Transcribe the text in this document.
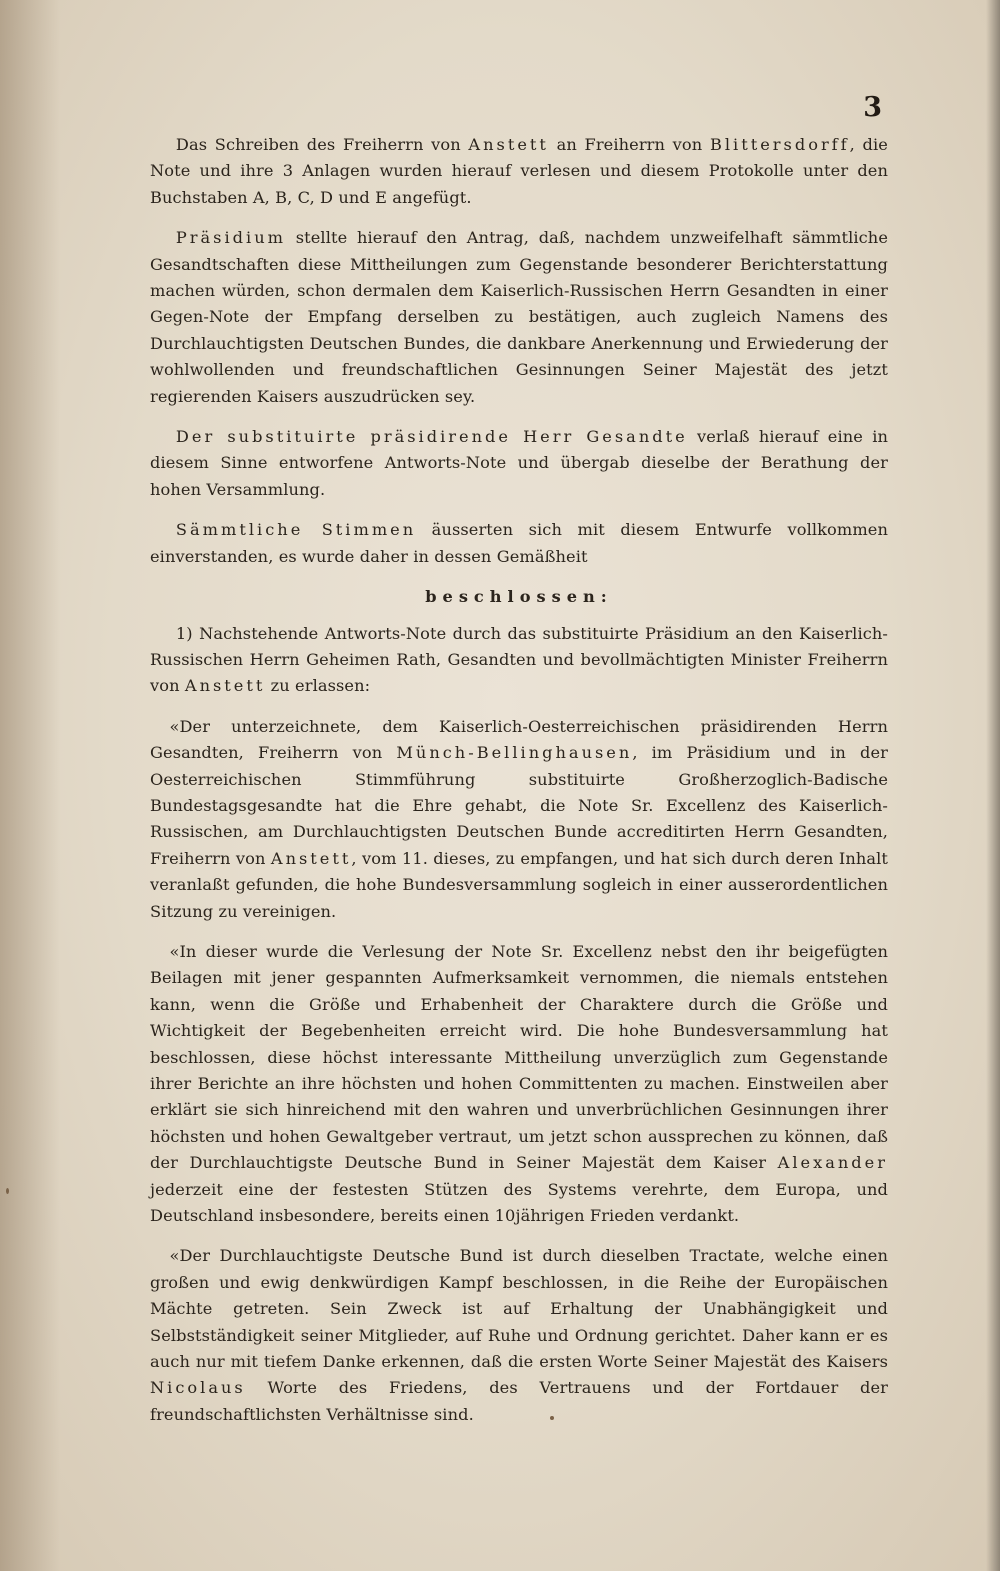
3

Das Schreiben des Freiherrn von Anstett an Freiherrn von Blittersdorff, die Note und ihre 3 Anlagen wurden hierauf verlesen und diesem Protokolle unter den Buchstaben A, B, C, D und E angefügt.

Präsidium stellte hierauf den Antrag, daß, nachdem unzweifelhaft sämmtliche Gesandtschaften diese Mittheilungen zum Gegenstande besonderer Berichterstattung machen würden, schon dermalen dem Kaiserlich-Russischen Herrn Gesandten in einer Gegen-Note der Empfang derselben zu bestätigen, auch zugleich Namens des Durchlauchtigsten Deutschen Bundes, die dankbare Anerkennung und Erwiederung der wohlwollenden und freundschaftlichen Gesinnungen Seiner Majestät des jetzt regierenden Kaisers auszudrücken sey.

Der substituirte präsidirende Herr Gesandte verlaß hierauf eine in diesem Sinne entworfene Antworts-Note und übergab dieselbe der Berathung der hohen Versammlung.

Sämmtliche Stimmen äusserten sich mit diesem Entwurfe vollkommen einverstanden, es wurde daher in dessen Gemäßheit

beschlossen:

1) Nachstehende Antworts-Note durch das substituirte Präsidium an den Kaiserlich-Russischen Herrn Geheimen Rath, Gesandten und bevollmächtigten Minister Freiherrn von Anstett zu erlassen:

«Der unterzeichnete, dem Kaiserlich-Oesterreichischen präsidirenden Herrn Gesandten, Freiherrn von Münch-Bellinghausen, im Präsidium und in der Oesterreichischen Stimmführung substituirte Großherzoglich-Badische Bundestagsgesandte hat die Ehre gehabt, die Note Sr. Excellenz des Kaiserlich-Russischen, am Durchlauchtigsten Deutschen Bunde accreditirten Herrn Gesandten, Freiherrn von Anstett, vom 11. dieses, zu empfangen, und hat sich durch deren Inhalt veranlaßt gefunden, die hohe Bundesversammlung sogleich in einer ausserordentlichen Sitzung zu vereinigen.

«In dieser wurde die Verlesung der Note Sr. Excellenz nebst den ihr beigefügten Beilagen mit jener gespannten Aufmerksamkeit vernommen, die niemals entstehen kann, wenn die Größe und Erhabenheit der Charaktere durch die Größe und Wichtigkeit der Begebenheiten erreicht wird. Die hohe Bundesversammlung hat beschlossen, diese höchst interessante Mittheilung unverzüglich zum Gegenstande ihrer Berichte an ihre höchsten und hohen Committenten zu machen. Einstweilen aber erklärt sie sich hinreichend mit den wahren und unverbrüchlichen Gesinnungen ihrer höchsten und hohen Gewaltgeber vertraut, um jetzt schon aussprechen zu können, daß der Durchlauchtigste Deutsche Bund in Seiner Majestät dem Kaiser Alexander jederzeit eine der festesten Stützen des Systems verehrte, dem Europa, und Deutschland insbesondere, bereits einen 10jährigen Frieden verdankt.

«Der Durchlauchtigste Deutsche Bund ist durch dieselben Tractate, welche einen großen und ewig denkwürdigen Kampf beschlossen, in die Reihe der Europäischen Mächte getreten. Sein Zweck ist auf Erhaltung der Unabhängigkeit und Selbstständigkeit seiner Mitglieder, auf Ruhe und Ordnung gerichtet. Daher kann er es auch nur mit tiefem Danke erkennen, daß die ersten Worte Seiner Majestät des Kaisers Nicolaus Worte des Friedens, des Vertrauens und der Fortdauer der freundschaftlichsten Verhältnisse sind.
